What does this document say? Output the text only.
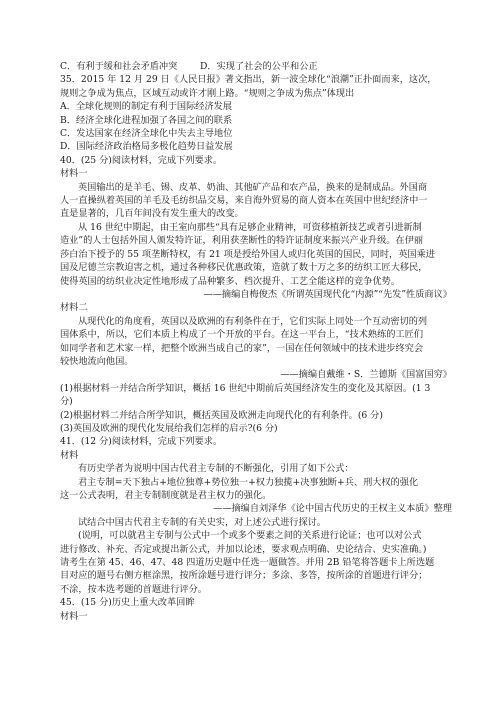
C．有利于缓和社会矛盾冲突	D．实现了社会的公平和公正
35．2015 年 12 月 29 日《人民日报》著文指出，新一波全球化“浪潮”正扑面而来，这次，
规则之争成为焦点，区域互动或许才刚上路。“规则之争成为焦点”体现出
A．全球化规则的制定有利于国际经济发展
B．经济全球化进程加强了各国之间的联系
C．发达国家在经济全球化中失去主导地位
D．国际经济政治格局多极化趋势日益发展
40．(25 分)阅读材料，完成下列要求。
材料一
英国输出的是羊毛、锡、皮革、奶油、其他矿产品和农产品，换来的是制成品。外国商
人一直操纵着英国的羊毛及毛纺织品交易，来自海外贸易的商人资本在英国中世纪经济中一
直是显著的，几百年间没有发生重大的改变。
从 16 世纪中期起，由王室向那些“具有足够企业精神，可资移植新技艺或者引进新制
造业”的人士包括外国人颁发特许证，利用获垄断性的特许证制度来振兴产业升级。在伊丽
莎白治下授予的 55 项垄断特权，有 21 项是授给外国人或归化英国的国民，同时，英国乘进
国及尼德兰宗教迫害之机，通过各种移民优惠政策，造就了数十万之多的纺织工匠大移民，
使得英国的纺织业决定性地形成了品种繁多、档次提升、工艺全能这样的竞争优势。
——摘编自梅俊杰《所谓英国现代化“内源”“先发”性质商议》
材料二
从现代化的角度看，英国以及欧洲的有利条件在于，它们实际上同处一个互动密切的列
国体系中，所以，它们本质上构成了一个开放的平台。在这一平台上，“技术熟练的工匠们
如同学者和艺术家一样，把整个欧洲当成自己的家”，一国在任何领域中的技术进步终究会
较快地流向他国。
——摘编自戴维・S．兰德斯《国富国穷》
(1)根据材料一并结合所学知识，概括 16 世纪中期前后英国经济发生的变化及其原因。(1 3
分)
(2)根据材料二并结合所学知识，概括英国及欧洲走向现代化的有利条件。(6 分)
(3)英国及欧洲的现代化发展给我们怎样的启示?(6 分)
41．(12 分)阅读材料，完成下列要求。
材料
有历史学者为说明中国古代君主专制的不断强化，引用了如下公式：
君主专制=天下独占+地位独尊+势位独一+权力独揽+决事独断+兵、刑大权的强化
这一公式表明，君主专制制度就是君主权力的强化。
——摘编自刘泽华《论中国古代历史的王权主义本质》整理
试结合中国古代君主专制的有关史实，对上述公式进行探讨。
(说明，可以就君主专制与公式中一个或多个要素之间的关系进行论证；也可以对公式
进行修改、补充、否定或提出新公式，并加以论述，要求观点明确、史论结合、史实准确。)
请考生在第 45、46、47、48 四道历史题中任选一题做答。并用 2B 铅笔将答题卡上所选题
目对应的题号右侧方框涂黑，按所涂题号进行评分；多涂、多答，按所涂的首题进行评分；
不涂，按本选考题的首题进行评分。
45．(15 分)历史上重大改革回眸
材料一
